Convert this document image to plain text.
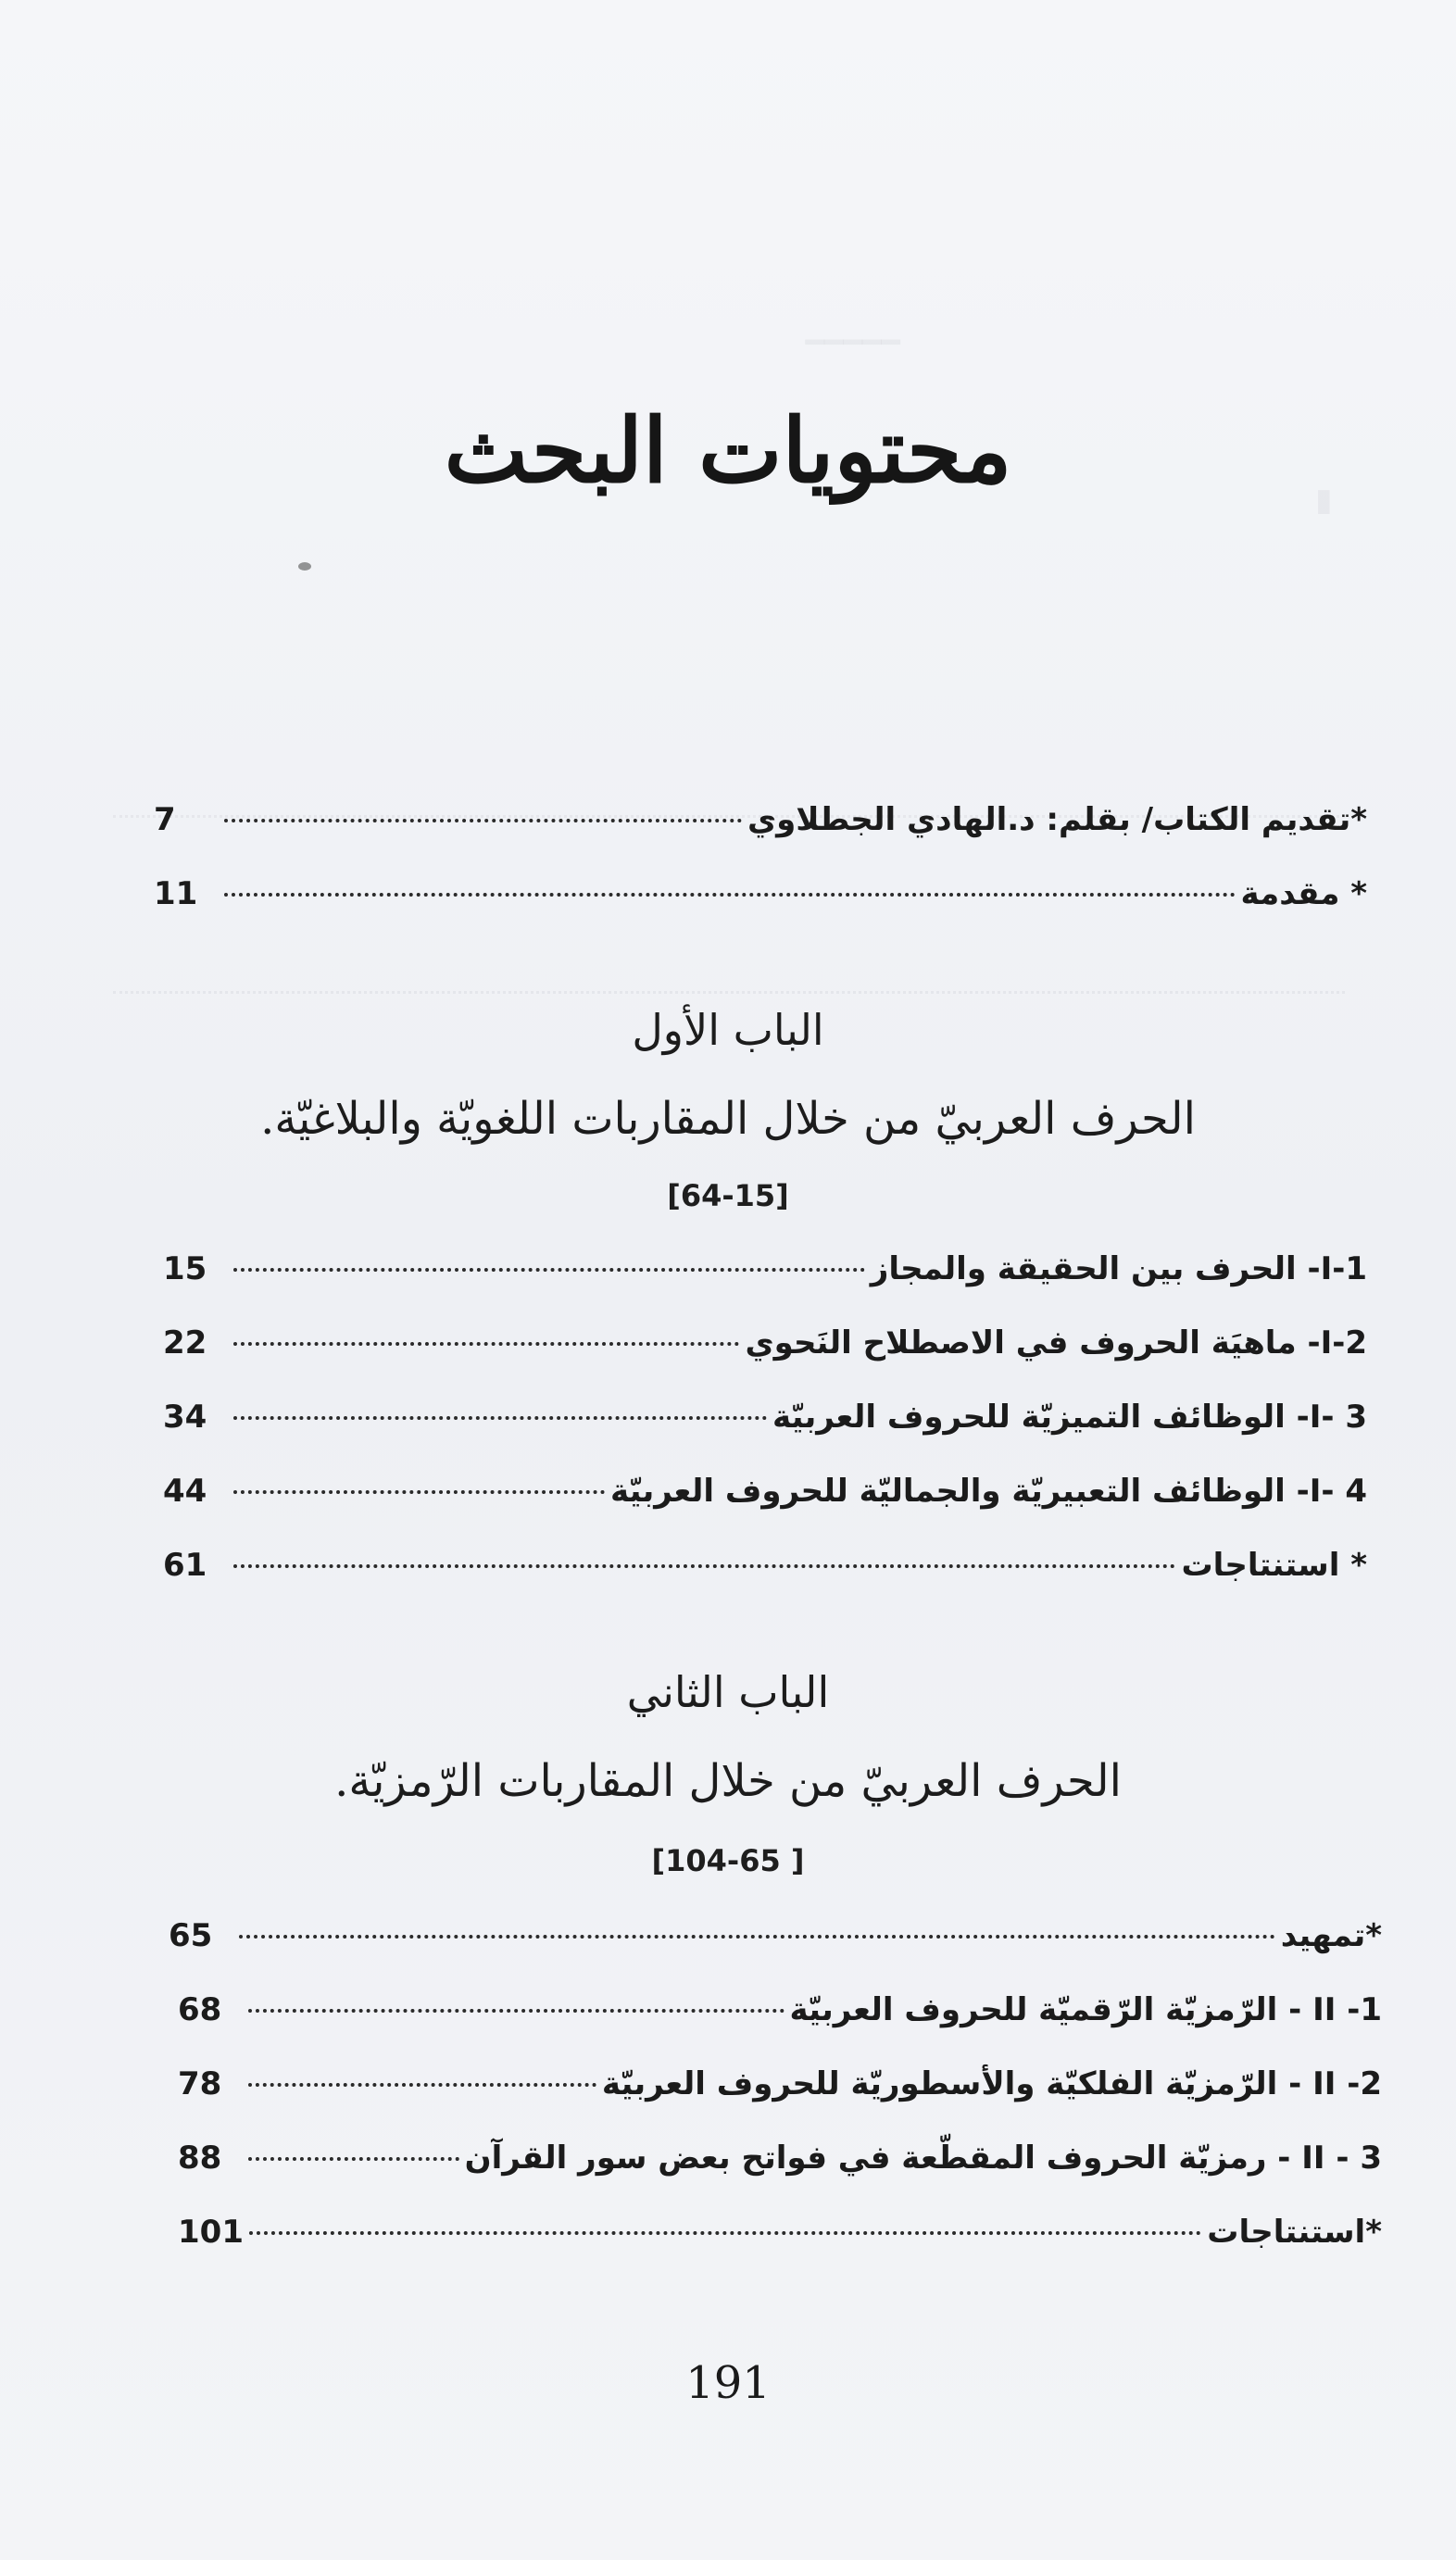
━━━━━
▮
محتويات البحث
*تقديم الكتاب/ بقلم: د.الهادي الجطلاوي
7
* مقدمة
11
الباب الأول
الحرف العربيّ من خلال المقاربات اللغويّة والبلاغيّة.
[64-15]
I-1- الحرف بين الحقيقة والمجاز
15
I-2- ماهيَة الحروف في الاصطلاح النَحوي
22
I- 3- الوظائف التميزيّة للحروف العربيّة
34
I- 4- الوظائف التعبيريّة والجماليّة للحروف العربيّة
44
* استنتاجات
61
الباب الثاني
الحرف العربيّ من خلال المقاربات الرّمزيّة.
[104-65 ]
*تمهيد
65
II -1 - الرّمزيّة الرّقميّة للحروف العربيّة
68
II -2 - الرّمزيّة الفلكيّة والأسطوريّة للحروف العربيّة
78
II - 3 - رمزيّة الحروف المقطّعة في فواتح بعض سور القرآن
88
*استنتاجات
101
191
